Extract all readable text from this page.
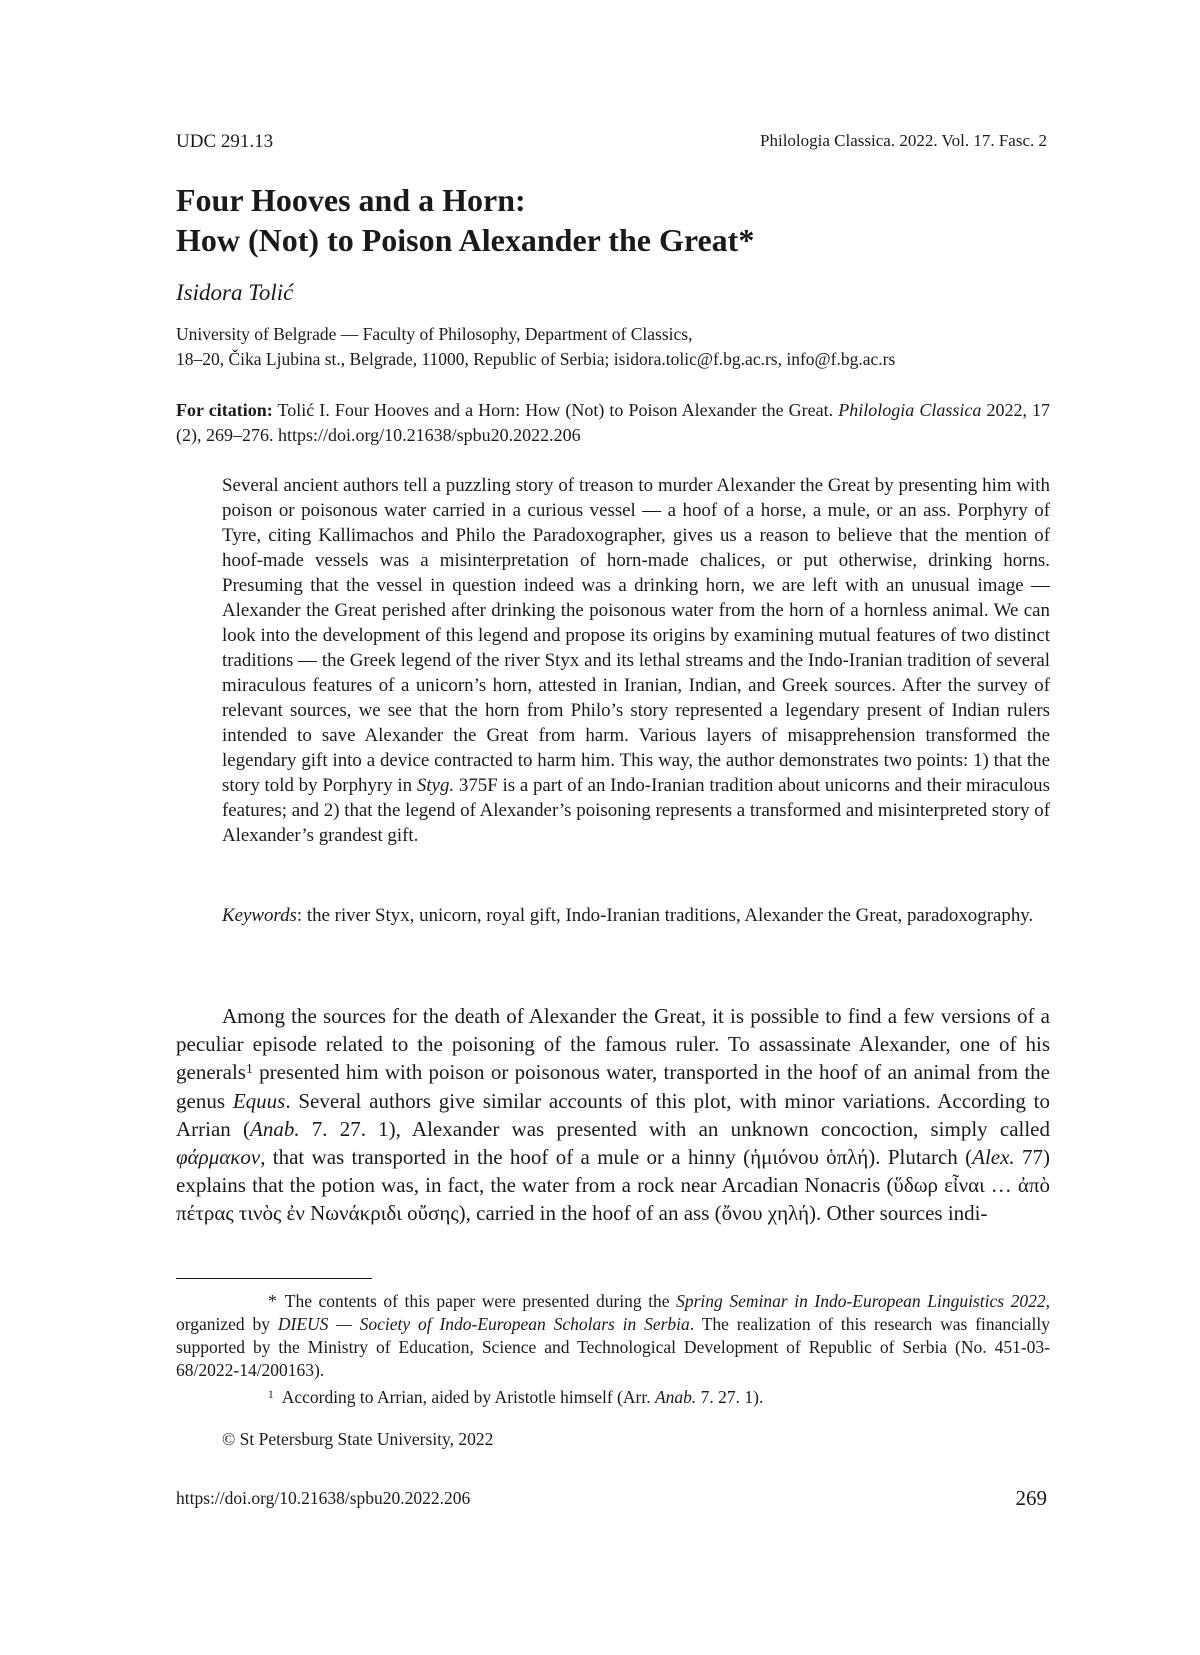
UDC 291.13	Philologia Classica. 2022. Vol. 17. Fasc. 2
Four Hooves and a Horn:
How (Not) to Poison Alexander the Great*
Isidora Tolić
University of Belgrade — Faculty of Philosophy, Department of Classics,
18–20, Čika Ljubina st., Belgrade, 11000, Republic of Serbia; isidora.tolic@f.bg.ac.rs, info@f.bg.ac.rs
For citation: Tolić I. Four Hooves and a Horn: How (Not) to Poison Alexander the Great. Philologia Classica 2022, 17 (2), 269–276. https://doi.org/10.21638/spbu20.2022.206
Several ancient authors tell a puzzling story of treason to murder Alexander the Great by presenting him with poison or poisonous water carried in a curious vessel — a hoof of a horse, a mule, or an ass. Porphyry of Tyre, citing Kallimachos and Philo the Paradoxographer, gives us a reason to believe that the mention of hoof-made vessels was a misinterpretation of horn-made chalices, or put otherwise, drinking horns. Presuming that the vessel in question indeed was a drinking horn, we are left with an unusual image — Alexander the Great perished after drinking the poisonous water from the horn of a hornless animal. We can look into the development of this legend and propose its origins by examining mutual features of two distinct traditions — the Greek legend of the river Styx and its lethal streams and the Indo-Iranian tradition of several miraculous features of a unicorn’s horn, attested in Iranian, Indian, and Greek sources. After the survey of relevant sources, we see that the horn from Philo’s story represented a legendary present of Indian rulers intended to save Alexander the Great from harm. Various layers of misapprehension transformed the legendary gift into a device contracted to harm him. This way, the author demonstrates two points: 1) that the story told by Porphyry in Styg. 375F is a part of an Indo-Iranian tradition about unicorns and their miraculous features; and 2) that the legend of Alexander’s poisoning represents a transformed and misinterpreted story of Alexander’s grandest gift.
Keywords: the river Styx, unicorn, royal gift, Indo-Iranian traditions, Alexander the Great, paradoxography.
Among the sources for the death of Alexander the Great, it is possible to find a few versions of a peculiar episode related to the poisoning of the famous ruler. To assassinate Alexander, one of his generals$^1$ presented him with poison or poisonous water, transported in the hoof of an animal from the genus Equus. Several authors give similar accounts of this plot, with minor variations. According to Arrian (Anab. 7. 27. 1), Alexander was presented with an unknown concoction, simply called φάρμακον, that was transported in the hoof of a mule or a hinny (ἡμιόνου ὁπλή). Plutarch (Alex. 77) explains that the potion was, in fact, the water from a rock near Arcadian Nonacris (ὕδωρ εἶναι … ἀπὸ πέτρας τινὸς ἐν Νωνάκριδι οὔσης), carried in the hoof of an ass (ὄνου χηλή). Other sources indi-
* The contents of this paper were presented during the Spring Seminar in Indo-European Linguistics 2022, organized by DIEUS — Society of Indo-European Scholars in Serbia. The realization of this research was financially supported by the Ministry of Education, Science and Technological Development of Republic of Serbia (No. 451-03-68/2022-14/200163).
$^1$ According to Arrian, aided by Aristotle himself (Arr. Anab. 7. 27. 1).
© St Petersburg State University, 2022
https://doi.org/10.21638/spbu20.2022.206	269
